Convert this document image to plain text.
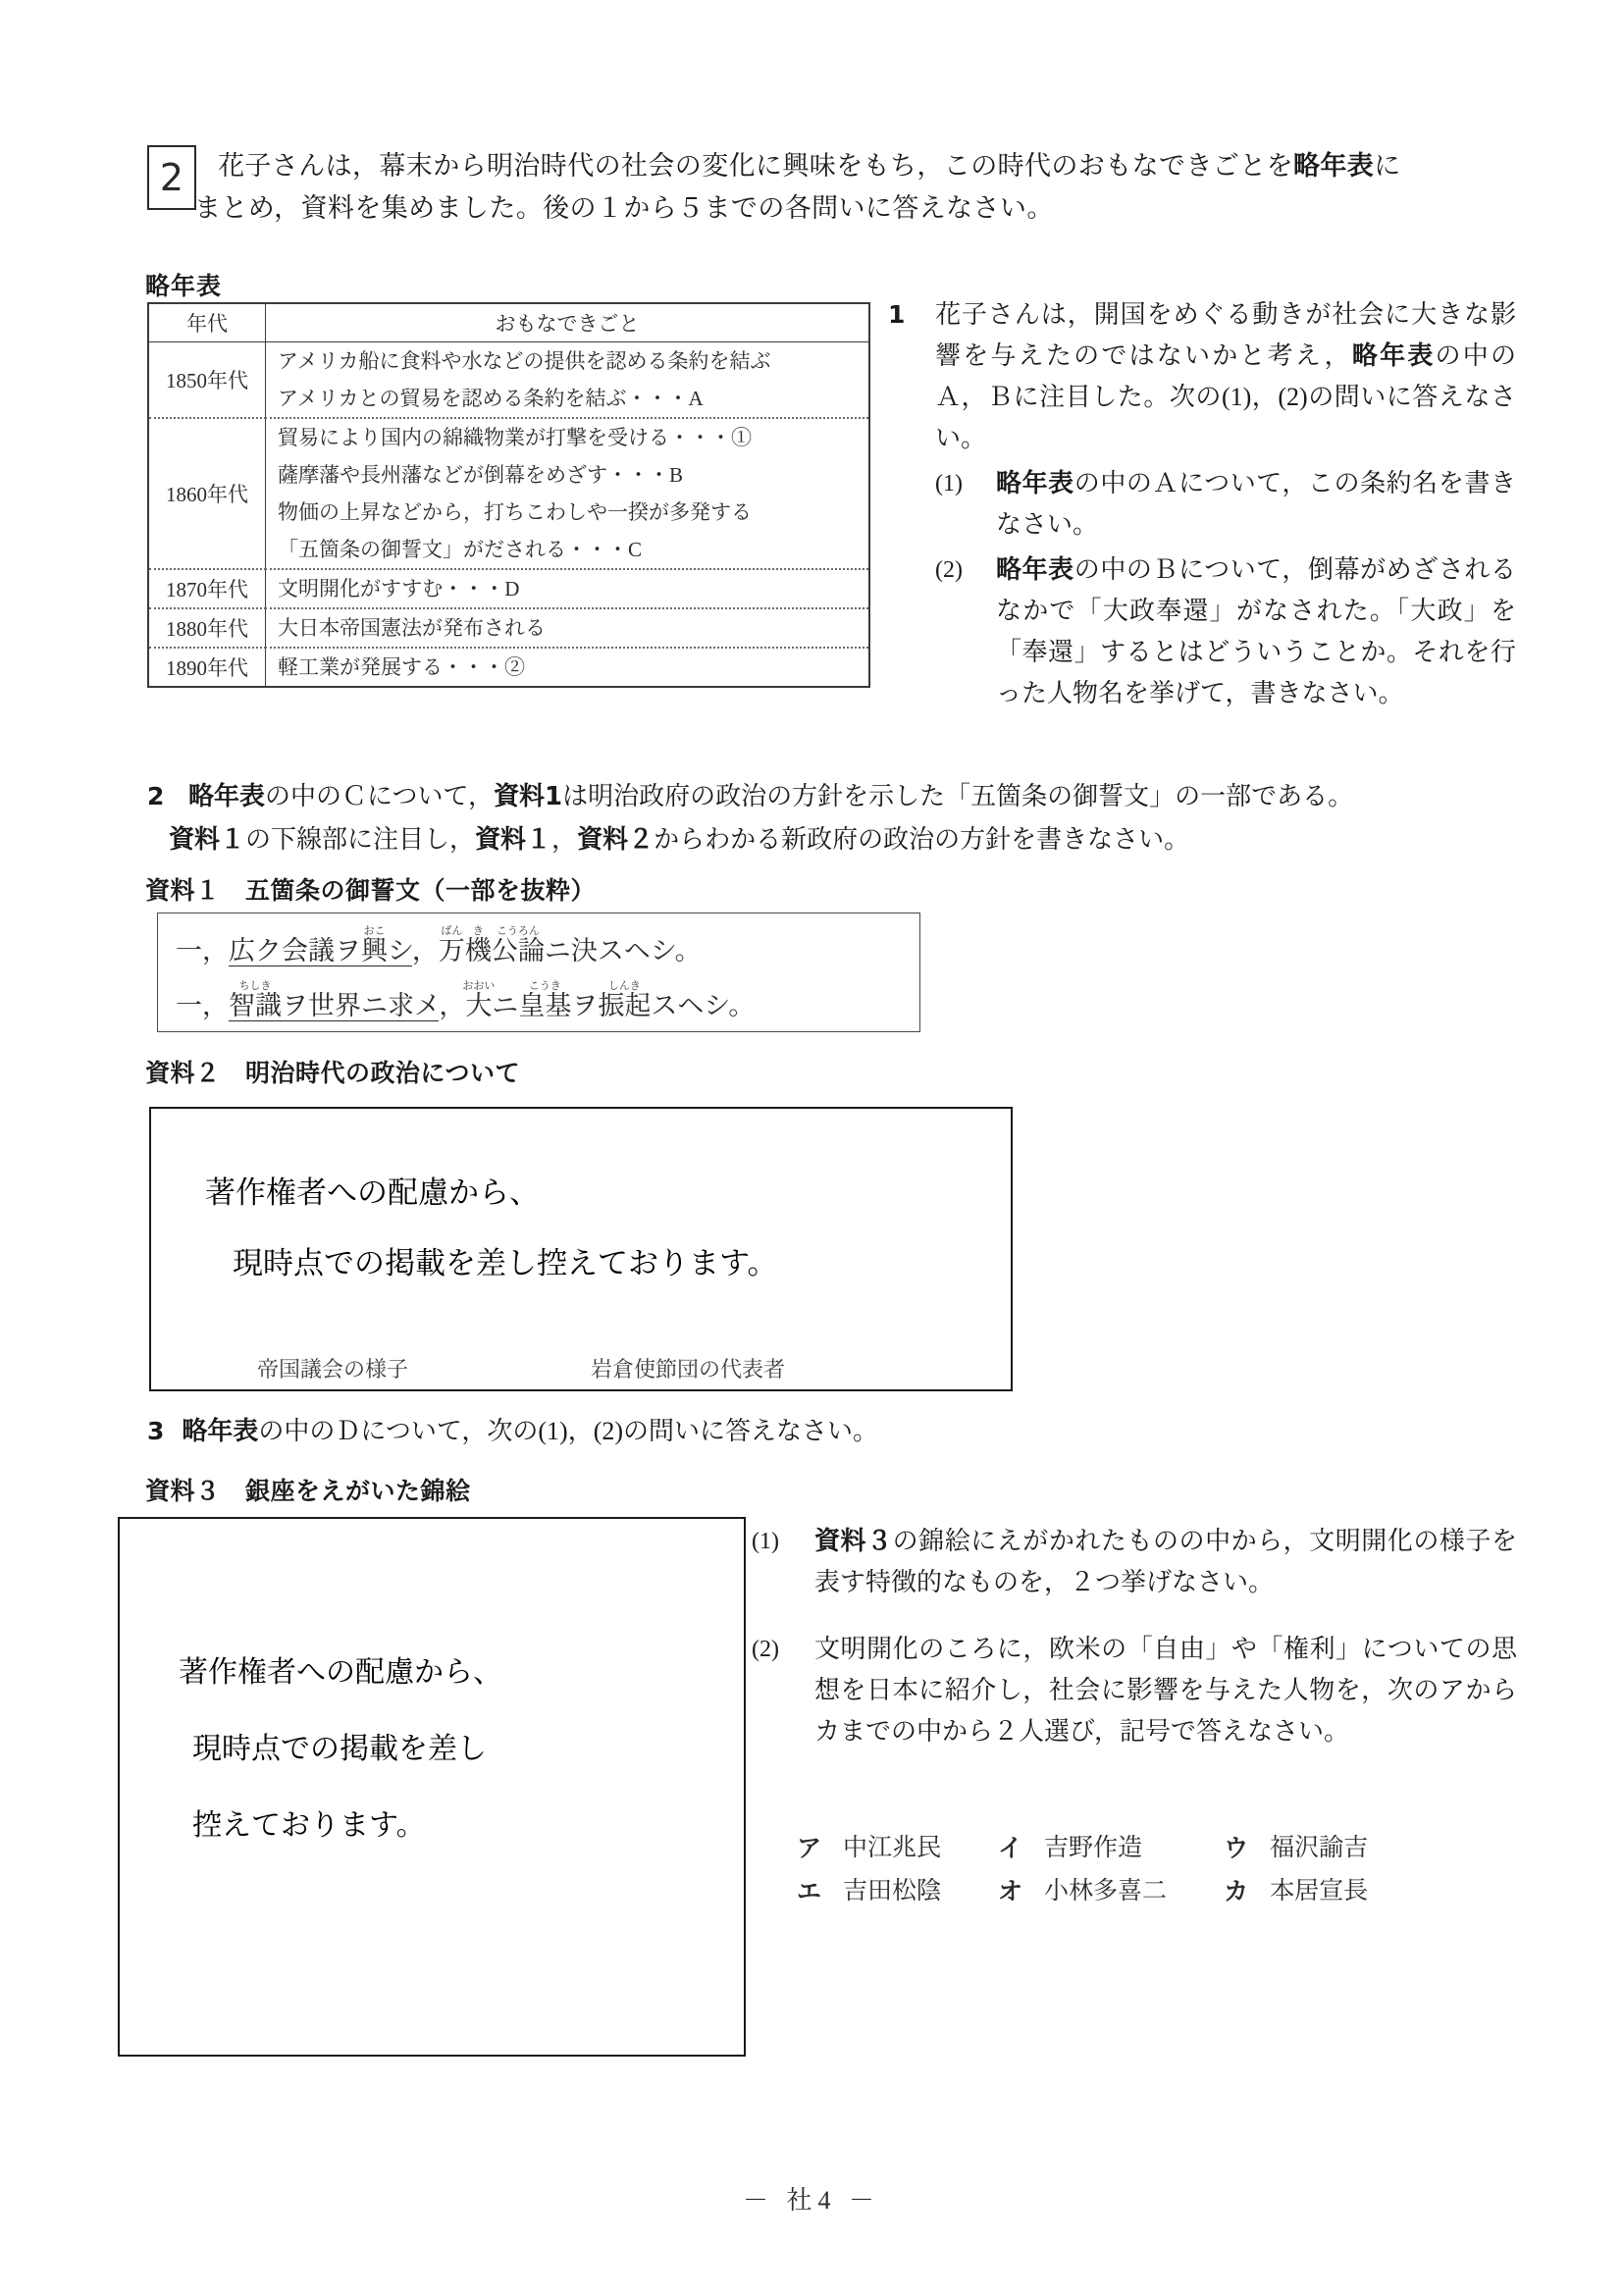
2	花子さんは，幕末から明治時代の社会の変化に興味をもち，この時代のおもなできごとを略年表に
まとめ，資料を集めました。後の１から５までの各問いに答えなさい。
略年表
年代	おもなできごと
1850年代	アメリカ船に食料や水などの提供を認める条約を結ぶ
アメリカとの貿易を認める条約を結ぶ・・・A

1860年代	貿易により国内の綿織物業が打撃を受ける・・・①
薩摩藩や長州藩などが倒幕をめざす・・・B
物価の上昇などから，打ちこわしや一揆が多発する
「五箇条の御誓文」がだされる・・・C

1870年代	文明開化がすすむ・・・D

1880年代	大日本帝国憲法が発布される

1890年代	軽工業が発展する・・・②
1 花子さんは，開国をめぐる動きが社会に大きな影響を与えたのではないかと考え，略年表の中のＡ，Ｂに注目した。次の(1)，(2)の問いに答えなさい。
(1) 略年表の中のＡについて，この条約名を書きなさい。
(2) 略年表の中のＢについて，倒幕がめざされるなかで「大政奉還」がなされた。「大政」を「奉還」するとはどういうことか。それを行った人物名を挙げて，書きなさい。
2 略年表の中のＣについて，資料1は明治政府の政治の方針を示した「五箇条の御誓文」の一部である。
資料１の下線部に注目し，資料１，資料２からわかる新政府の政治の方針を書きなさい。
資料１　五箇条の御誓文（一部を抜粋）
一，広ク会議ヲ興おこシ，万ばん機き公論こうろんニ決スヘシ。
一，智識ちしきヲ世界ニ求メ，大おおいニ皇基こうきヲ振起しんきスヘシ。
資料２　明治時代の政治について
著作権者への配慮から、
現時点での掲載を差し控えております。
帝国議会の様子	岩倉使節団の代表者
3 略年表の中のＤについて，次の(1)，(2)の問いに答えなさい。
資料３　銀座をえがいた錦絵
著作権者への配慮から、
現時点での掲載を差し
控えております。
(1) 資料３の錦絵にえがかれたものの中から，文明開化の様子を表す特徴的なものを，２つ挙げなさい。
(2) 文明開化のころに，欧米の「自由」や「権利」についての思想を日本に紹介し，社会に影響を与えた人物を，次のアからカまでの中から２人選び，記号で答えなさい。
ア	中江兆民	イ	吉野作造	ウ	福沢諭吉
エ	吉田松陰	オ	小林多喜二	カ	本居宣長
－ 社4 －
